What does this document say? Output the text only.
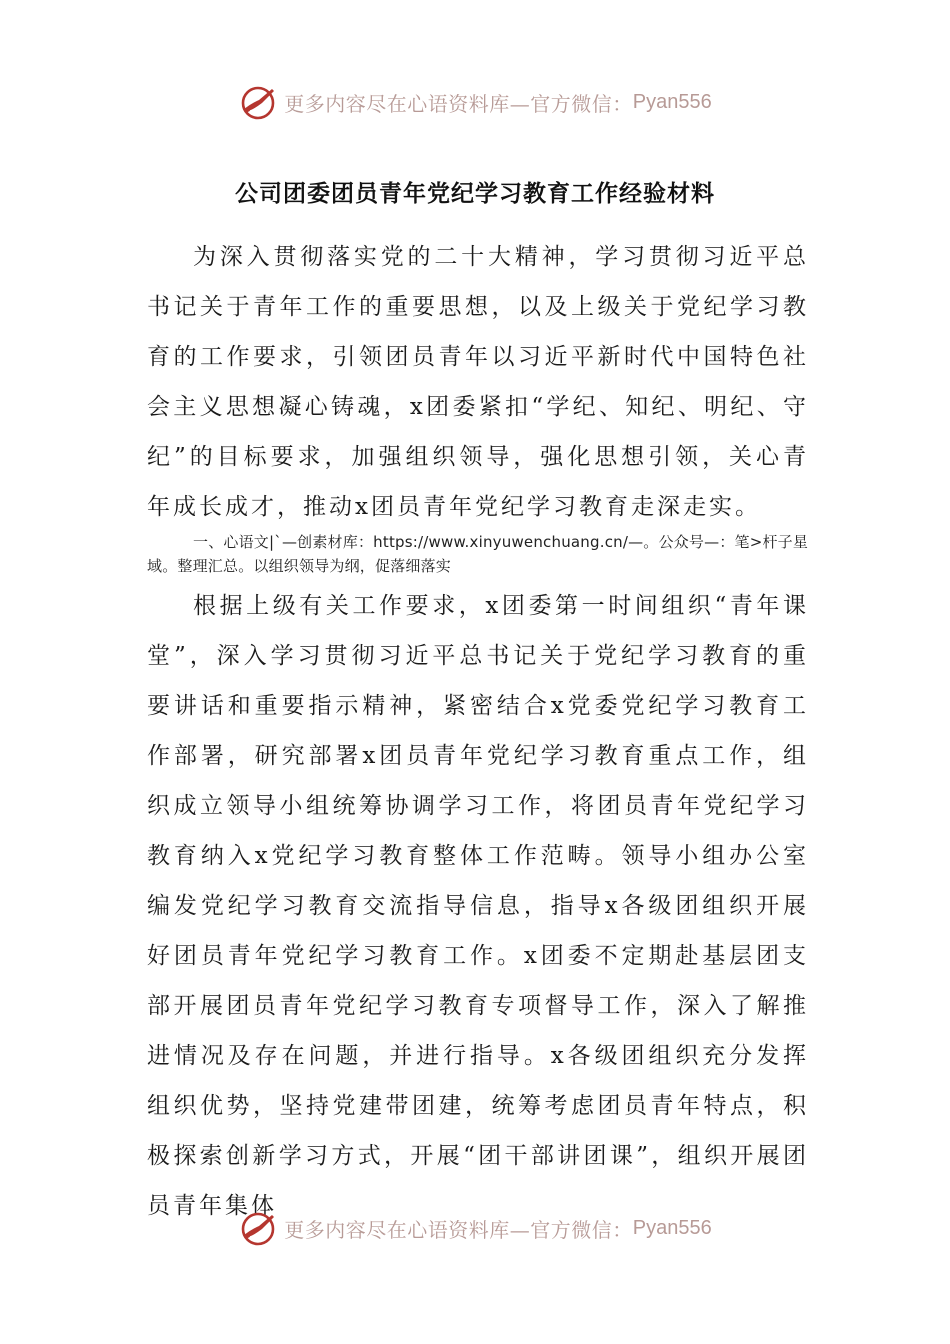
更多内容尽在心语资料库—官方微信： Pyan556
公司团委团员青年党纪学习教育工作经验材料

为深入贯彻落实党的二十大精神，学习贯彻习近平总书记关于青年工作的重要思想，以及上级关于党纪学习教育的工作要求，引领团员青年以习近平新时代中国特色社会主义思想凝心铸魂，x团委紧扣“学纪、知纪、明纪、守纪”的目标要求，加强组织领导，强化思想引领，关心青年成长成才，推动x团员青年党纪学习教育走深走实。

一、心语文|`—创素材库：https://www.xinyuwenchuang.cn/—。公众号—：笔>杆子星域。整理汇总。以组织领导为纲，促落细落实

根据上级有关工作要求，x团委第一时间组织“青年课堂”，深入学习贯彻习近平总书记关于党纪学习教育的重要讲话和重要指示精神，紧密结合x党委党纪学习教育工作部署，研究部署x团员青年党纪学习教育重点工作，组织成立领导小组统筹协调学习工作，将团员青年党纪学习教育纳入x党纪学习教育整体工作范畴。领导小组办公室编发党纪学习教育交流指导信息，指导x各级团组织开展好团员青年党纪学习教育工作。x团委不定期赴基层团支部开展团员青年党纪学习教育专项督导工作，深入了解推进情况及存在问题，并进行指导。x各级团组织充分发挥组织优势，坚持党建带团建，统筹考虑团员青年特点，积极探索创新学习方式，开展“团干部讲团课”，组织开展团员青年集体

更多内容尽在心语资料库—官方微信： Pyan556
